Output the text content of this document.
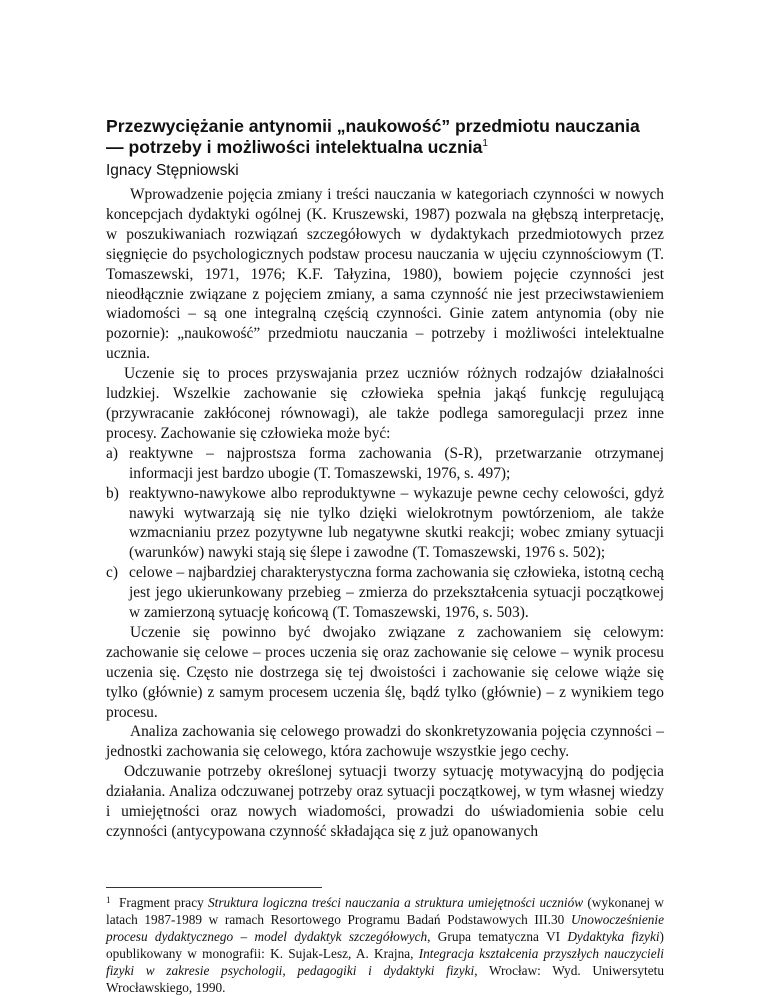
Przezwyciężanie antynomii „naukowość” przedmiotu nauczania
— potrzeby i możliwości intelektualna ucznia$^1$
Ignacy Stępniowski

Wprowadzenie pojęcia zmiany i treści nauczania w kategoriach czynności w nowych koncepcjach dydaktyki ogólnej (K. Kruszewski, 1987) pozwala na głębszą interpretację, w poszukiwaniach rozwiązań szczegółowych w dydaktykach przedmiotowych przez sięgnięcie do psychologicznych podstaw procesu nauczania w ujęciu czynnościowym (T. Tomaszewski, 1971, 1976; K.F. Tałyzina, 1980), bowiem pojęcie czynności jest nieodłącznie związane z pojęciem zmiany, a sama czynność nie jest przeciwstawieniem wiadomości – są one integralną częścią czynności. Ginie zatem antynomia (oby nie pozornie): „naukowość” przedmiotu nauczania – potrzeby i możliwości intelektualne ucznia.

Uczenie się to proces przyswajania przez uczniów różnych rodzajów działalności ludzkiej. Wszelkie zachowanie się człowieka spełnia jakąś funkcję regulującą (przywracanie zakłóconej równowagi), ale także podlega samoregulacji przez inne procesy. Zachowanie się człowieka może być:

a) reaktywne – najprostsza forma zachowania (S-R), przetwarzanie otrzymanej informacji jest bardzo ubogie (T. Tomaszewski, 1976, s. 497);
b) reaktywno-nawykowe albo reproduktywne – wykazuje pewne cechy celowości, gdyż nawyki wytwarzają się nie tylko dzięki wielokrotnym powtórzeniom, ale także wzmacnianiu przez pozytywne lub negatywne skutki reakcji; wobec zmiany sytuacji (warunków) nawyki stają się ślepe i zawodne (T. Tomaszewski, 1976 s. 502);
c) celowe – najbardziej charakterystyczna forma zachowania się człowieka, istotną cechą jest jego ukierunkowany przebieg – zmierza do przekształcenia sytuacji początkowej w zamierzoną sytuację końcową (T. Tomaszewski, 1976, s. 503).

Uczenie się powinno być dwojako związane z zachowaniem się celowym: zachowanie się celowe – proces uczenia się oraz zachowanie się celowe – wynik procesu uczenia się. Często nie dostrzega się tej dwoistości i zachowanie się celowe wiąże się tylko (głównie) z samym procesem uczenia ślę, bądź tylko (głównie) – z wynikiem tego procesu.

Analiza zachowania się celowego prowadzi do skonkretyzowania pojęcia czynności – jednostki zachowania się celowego, która zachowuje wszystkie jego cechy.

Odczuwanie potrzeby określonej sytuacji tworzy sytuację motywacyjną do podjęcia działania. Analiza odczuwanej potrzeby oraz sytuacji początkowej, w tym własnej wiedzy i umiejętności oraz nowych wiadomości, prowadzi do uświadomienia sobie celu czynności (antycypowana czynność składająca się z już opanowanych

1 Fragment pracy Struktura logiczna treści nauczania a struktura umiejętności uczniów (wykonanej w latach 1987-1989 w ramach Resortowego Programu Badań Podstawowych III.30 Unowocześnienie procesu dydaktycznego – model dydaktyk szczegółowych, Grupa tematyczna VI Dydaktyka fizyki) opublikowany w monografii: K. Sujak-Lesz, A. Krajna, Integracja kształcenia przyszłych nauczycieli fizyki w zakresie psychologii, pedagogiki i dydaktyki fizyki, Wrocław: Wyd. Uniwersytetu Wrocławskiego, 1990.
